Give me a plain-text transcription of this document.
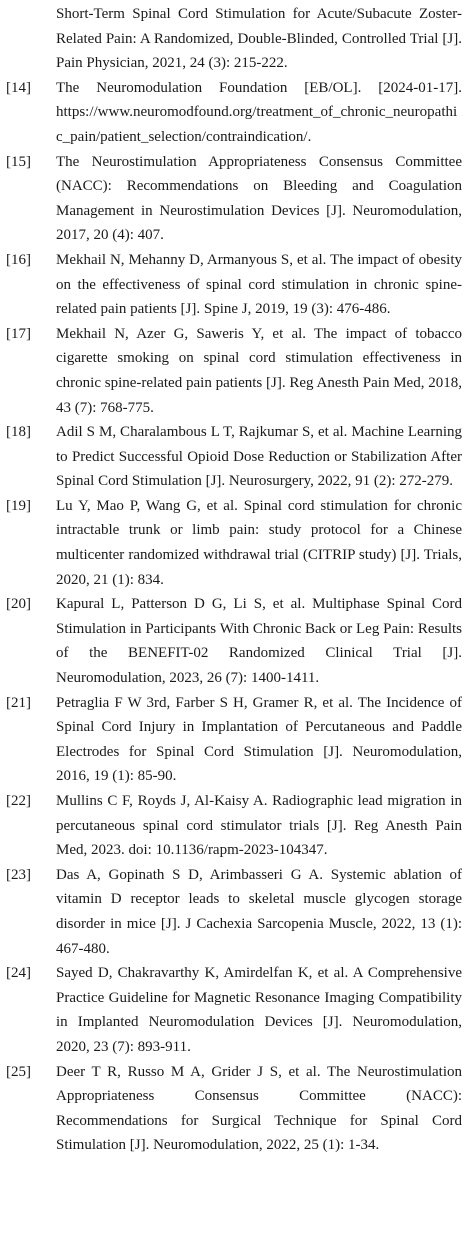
Short-Term Spinal Cord Stimulation for Acute/Subacute Zoster-Related Pain: A Randomized, Double-Blinded, Controlled Trial [J]. Pain Physician, 2021, 24 (3): 215-222.
[14]	The Neuromodulation Foundation [EB/OL]. [2024-01-17]. https://www.neuromodfound.org/treatment_of_chronic_neuropathic_pain/patient_selection/contraindication/.
[15]	The Neurostimulation Appropriateness Consensus Committee (NACC): Recommendations on Bleeding and Coagulation Management in Neurostimulation Devices [J]. Neuromodulation, 2017, 20 (4): 407.
[16]	Mekhail N, Mehanny D, Armanyous S, et al. The impact of obesity on the effectiveness of spinal cord stimulation in chronic spine-related pain patients [J]. Spine J, 2019, 19 (3): 476-486.
[17]	Mekhail N, Azer G, Saweris Y, et al. The impact of tobacco cigarette smoking on spinal cord stimulation effectiveness in chronic spine-related pain patients [J]. Reg Anesth Pain Med, 2018, 43 (7): 768-775.
[18]	Adil S M, Charalambous L T, Rajkumar S, et al. Machine Learning to Predict Successful Opioid Dose Reduction or Stabilization After Spinal Cord Stimulation [J]. Neurosurgery, 2022, 91 (2): 272-279.
[19]	Lu Y, Mao P, Wang G, et al. Spinal cord stimulation for chronic intractable trunk or limb pain: study protocol for a Chinese multicenter randomized withdrawal trial (CITRIP study) [J]. Trials, 2020, 21 (1): 834.
[20]	Kapural L, Patterson D G, Li S, et al. Multiphase Spinal Cord Stimulation in Participants With Chronic Back or Leg Pain: Results of the BENEFIT-02 Randomized Clinical Trial [J]. Neuromodulation, 2023, 26 (7): 1400-1411.
[21]	Petraglia F W 3rd, Farber S H, Gramer R, et al. The Incidence of Spinal Cord Injury in Implantation of Percutaneous and Paddle Electrodes for Spinal Cord Stimulation [J]. Neuromodulation, 2016, 19 (1): 85-90.
[22]	Mullins C F, Royds J, Al-Kaisy A. Radiographic lead migration in percutaneous spinal cord stimulator trials [J]. Reg Anesth Pain Med, 2023. doi: 10.1136/rapm-2023-104347.
[23]	Das A, Gopinath S D, Arimbasseri G A. Systemic ablation of vitamin D receptor leads to skeletal muscle glycogen storage disorder in mice [J]. J Cachexia Sarcopenia Muscle, 2022, 13 (1): 467-480.
[24]	Sayed D, Chakravarthy K, Amirdelfan K, et al. A Comprehensive Practice Guideline for Magnetic Resonance Imaging Compatibility in Implanted Neuromodulation Devices [J]. Neuromodulation, 2020, 23 (7): 893-911.
[25]	Deer T R, Russo M A, Grider J S, et al. The Neurostimulation Appropriateness Consensus Committee (NACC): Recommendations for Surgical Technique for Spinal Cord Stimulation [J]. Neuromodulation, 2022, 25 (1): 1-34.
